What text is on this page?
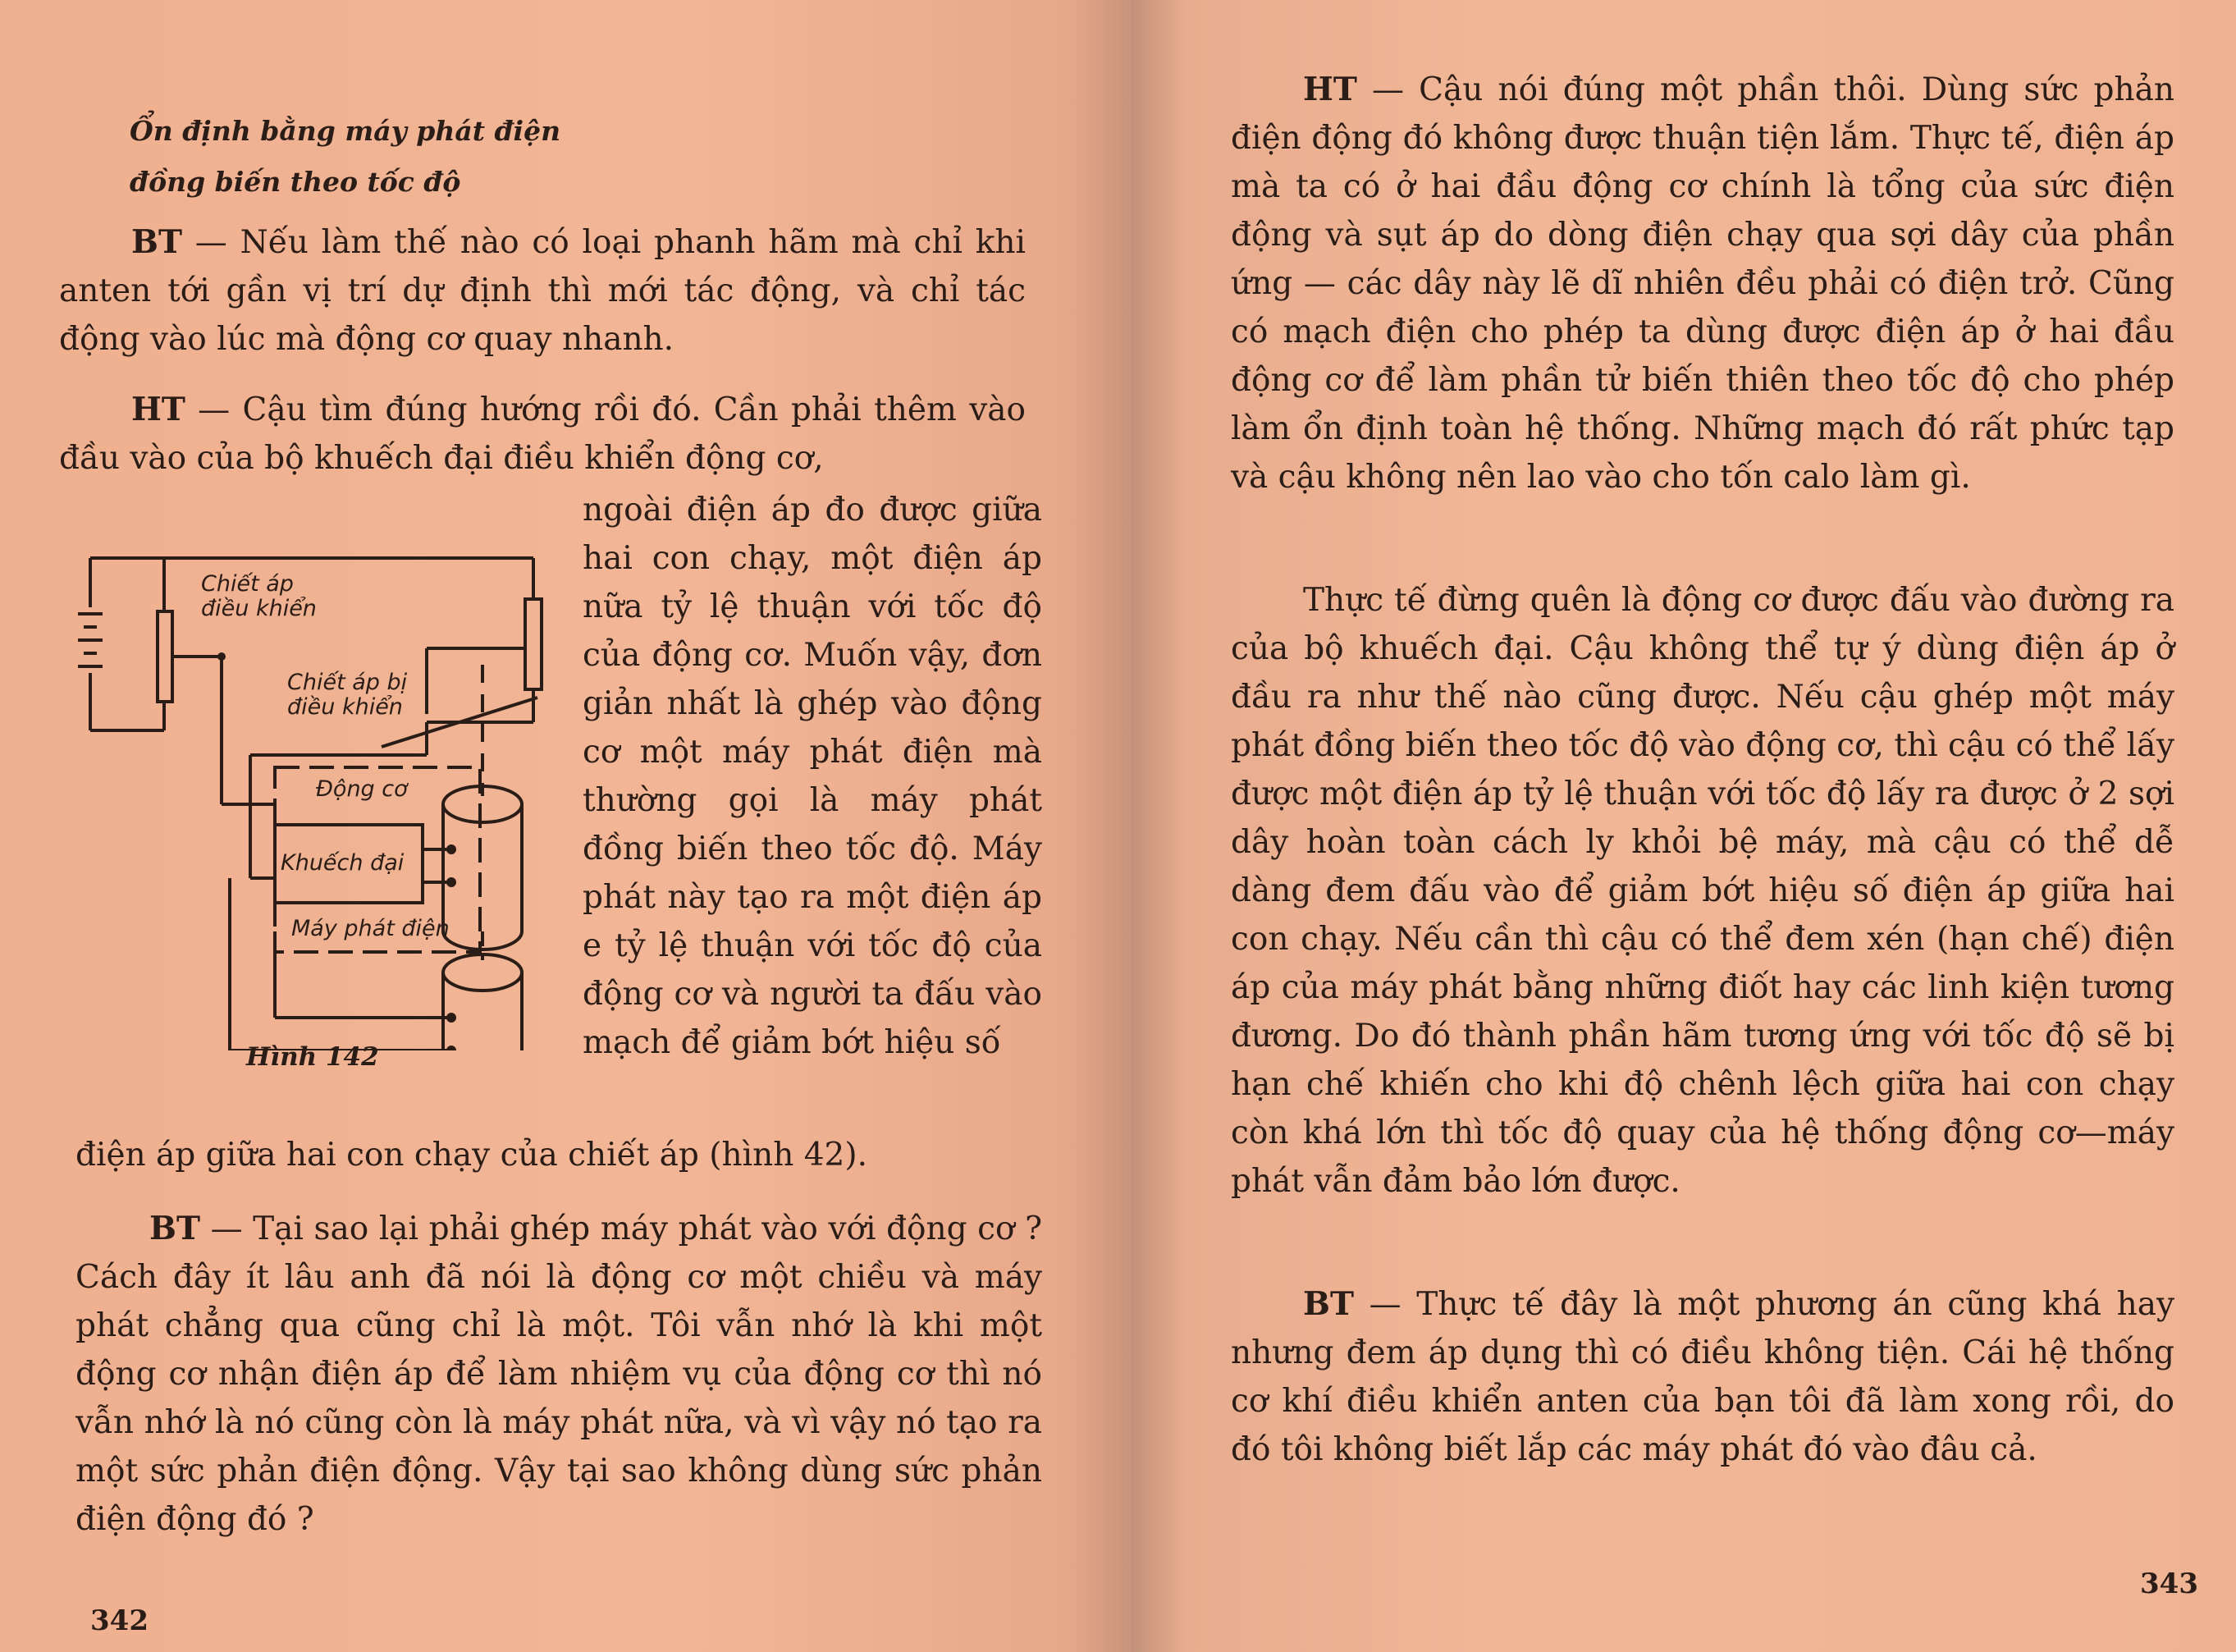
Ổn định bằng máy phát điện

đồng biến theo tốc độ

BT — Nếu làm thế nào có loại phanh hãm mà chỉ khi anten tới gần vị trí dự định thì mới tác động, và chỉ tác động vào lúc mà động cơ quay nhanh.

HT — Cậu tìm đúng hướng rồi đó. Cần phải thêm vào đầu vào của bộ khuếch đại điều khiển động cơ,

Chiết áp
điều khiển
Chiết áp bị
điều khiển
Động cơ
Khuếch đại
Máy phát điện
Hình 142

ngoài điện áp đo được giữa hai con chạy, một điện áp nữa tỷ lệ thuận với tốc độ của động cơ. Muốn vậy, đơn giản nhất là ghép vào động cơ một máy phát điện mà thường gọi là máy phát đồng biến theo tốc độ. Máy phát này tạo ra một điện áp e tỷ lệ thuận với tốc độ của động cơ và người ta đấu vào mạch để giảm bớt hiệu số

điện áp giữa hai con chạy của chiết áp (hình 42).

BT — Tại sao lại phải ghép máy phát vào với động cơ ? Cách đây ít lâu anh đã nói là động cơ một chiều và máy phát chẳng qua cũng chỉ là một. Tôi vẫn nhớ là khi một động cơ nhận điện áp để làm nhiệm vụ của động cơ thì nó vẫn nhớ là nó cũng còn là máy phát nữa, và vì vậy nó tạo ra một sức phản điện động. Vậy tại sao không dùng sức phản điện động đó ?

342

HT — Cậu nói đúng một phần thôi. Dùng sức phản điện động đó không được thuận tiện lắm. Thực tế, điện áp mà ta có ở hai đầu động cơ chính là tổng của sức điện động và sụt áp do dòng điện chạy qua sợi dây của phần ứng — các dây này lẽ dĩ nhiên đều phải có điện trở. Cũng có mạch điện cho phép ta dùng được điện áp ở hai đầu động cơ để làm phần tử biến thiên theo tốc độ cho phép làm ổn định toàn hệ thống. Những mạch đó rất phức tạp và cậu không nên lao vào cho tốn calo làm gì.

Thực tế đừng quên là động cơ được đấu vào đường ra của bộ khuếch đại. Cậu không thể tự ý dùng điện áp ở đầu ra như thế nào cũng được. Nếu cậu ghép một máy phát đồng biến theo tốc độ vào động cơ, thì cậu có thể lấy được một điện áp tỷ lệ thuận với tốc độ lấy ra được ở 2 sợi dây hoàn toàn cách ly khỏi bệ máy, mà cậu có thể dễ dàng đem đấu vào để giảm bớt hiệu số điện áp giữa hai con chạy. Nếu cần thì cậu có thể đem xén (hạn chế) điện áp của máy phát bằng những điốt hay các linh kiện tương đương. Do đó thành phần hãm tương ứng với tốc độ sẽ bị hạn chế khiến cho khi độ chênh lệch giữa hai con chạy còn khá lớn thì tốc độ quay của hệ thống động cơ—máy phát vẫn đảm bảo lớn được.

BT — Thực tế đây là một phương án cũng khá hay nhưng đem áp dụng thì có điều không tiện. Cái hệ thống cơ khí điều khiển anten của bạn tôi đã làm xong rồi, do đó tôi không biết lắp các máy phát đó vào đâu cả.

343
